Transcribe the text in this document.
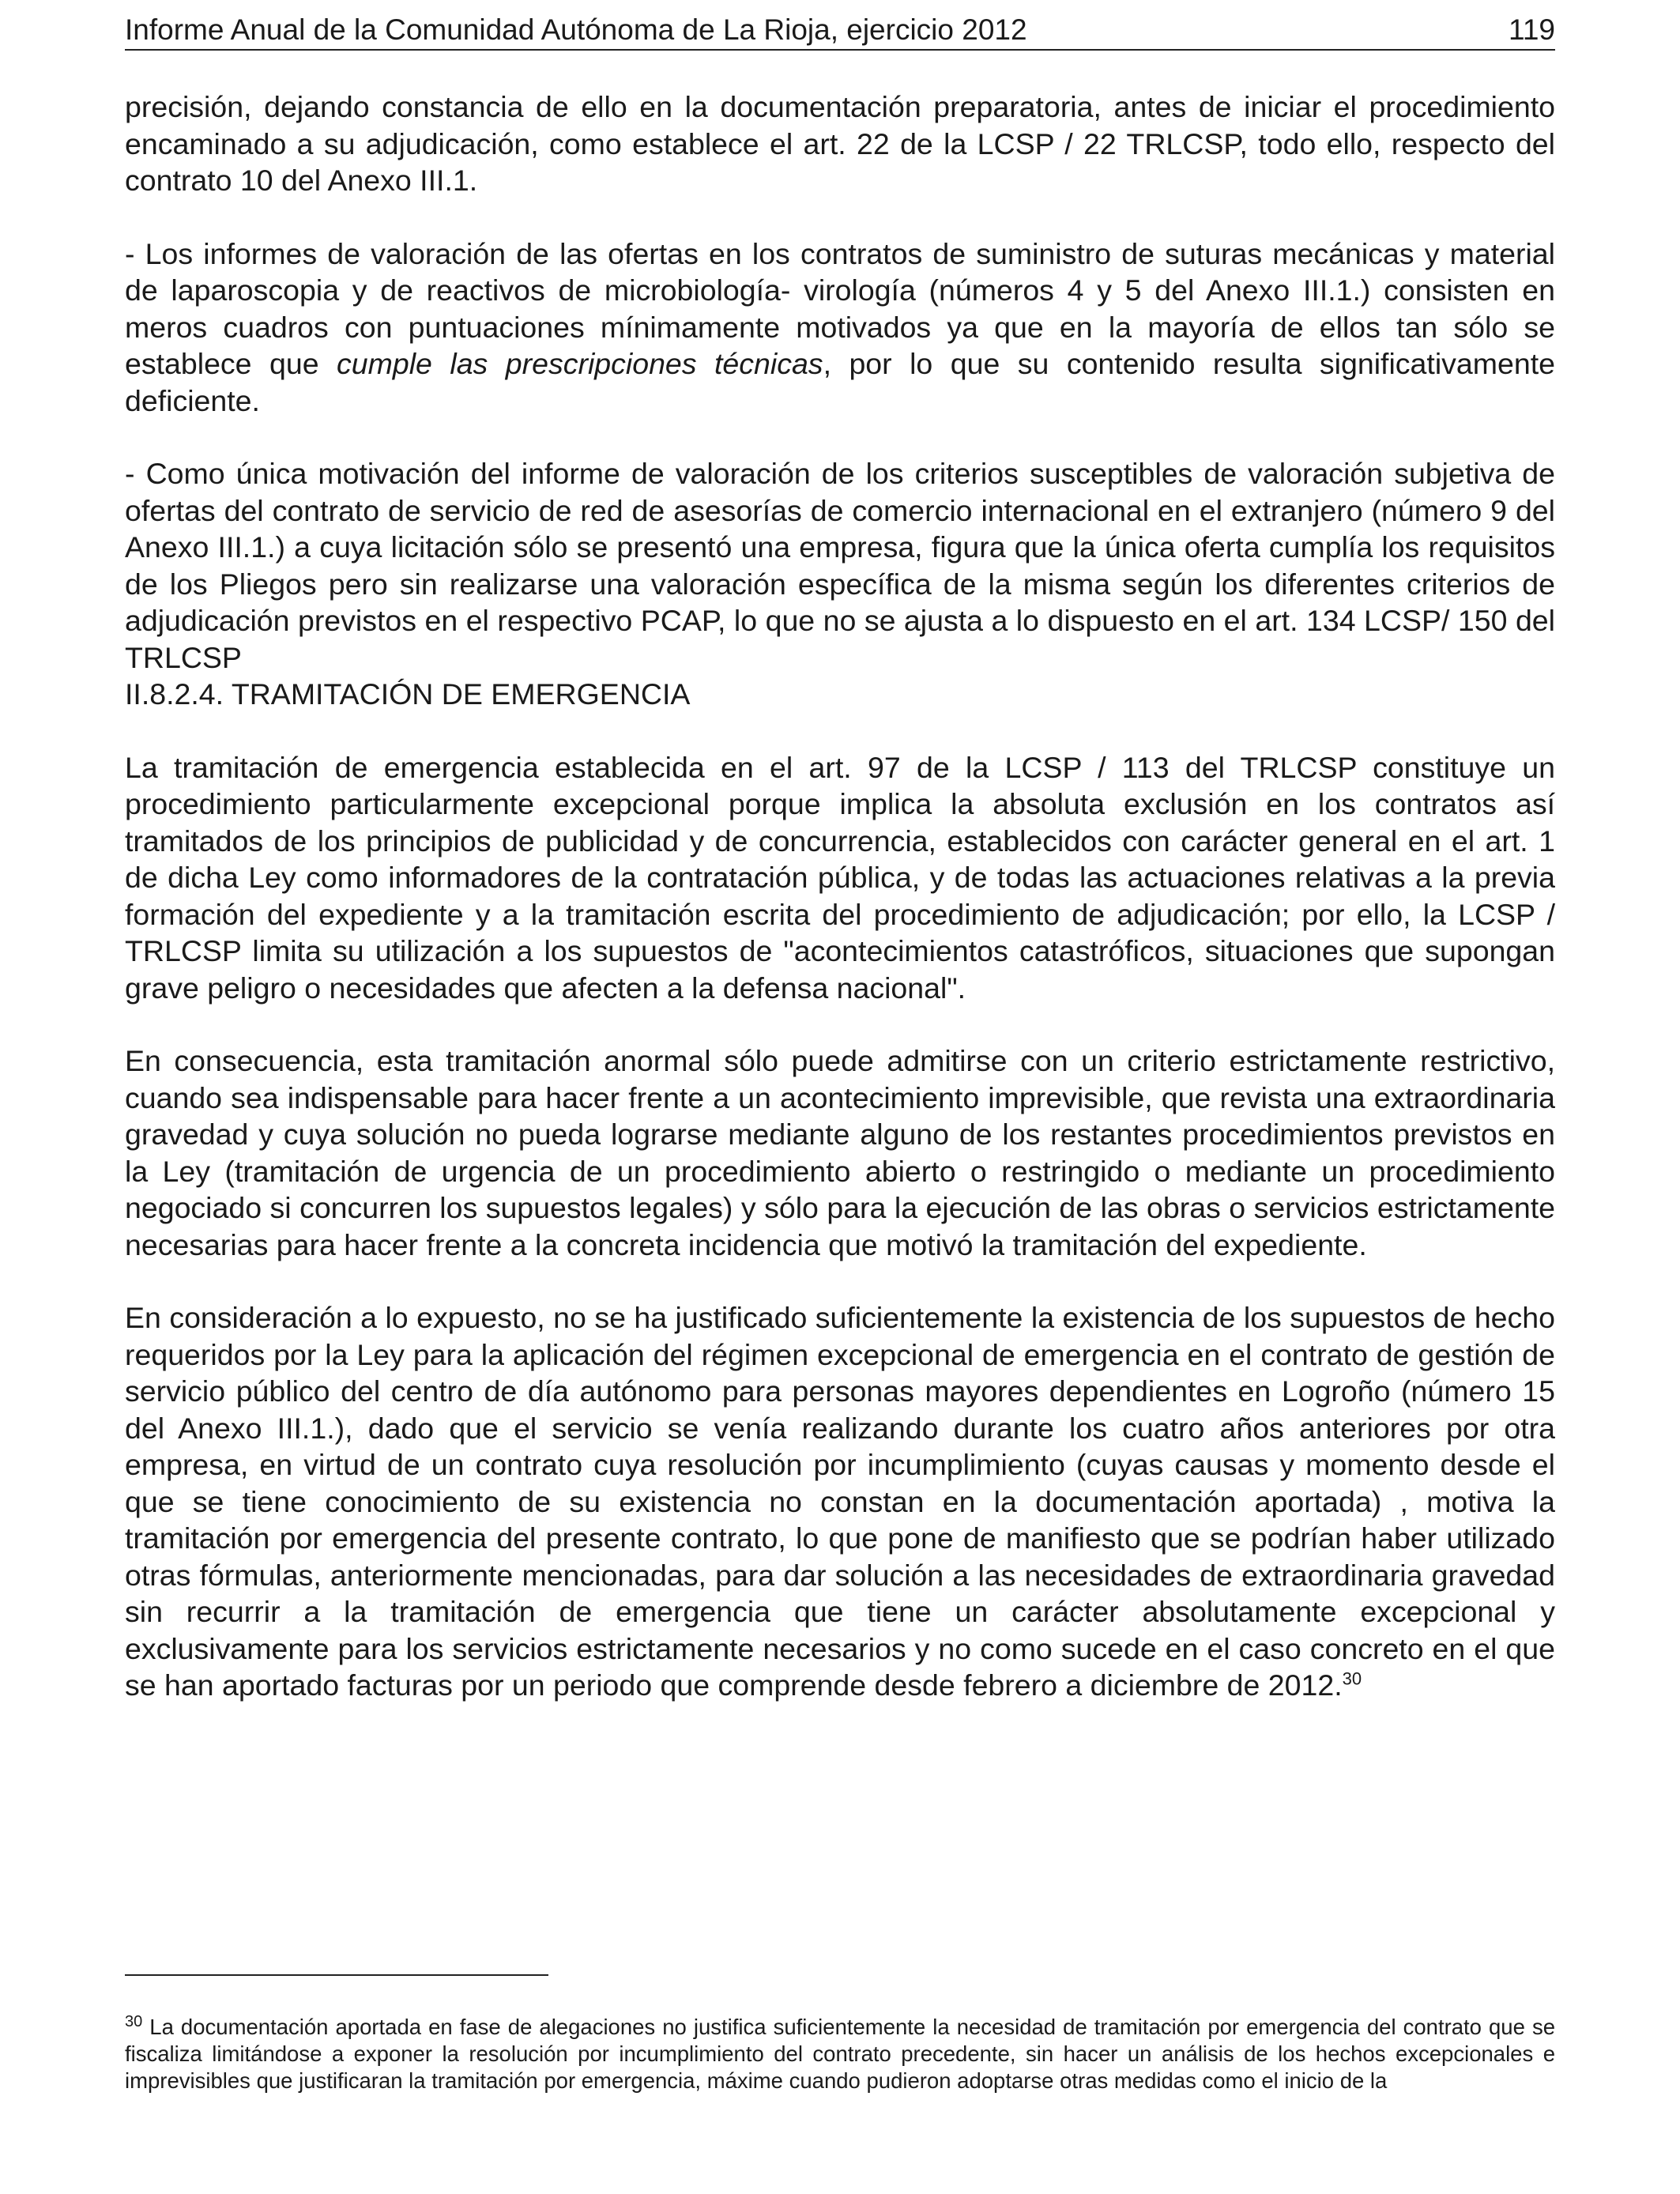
Informe Anual de la Comunidad Autónoma de La Rioja, ejercicio 2012	119

precisión, dejando constancia de ello en la documentación preparatoria, antes de iniciar el procedimiento encaminado a su adjudicación, como establece el art. 22 de la LCSP / 22 TRLCSP, todo ello, respecto del contrato 10 del Anexo III.1.

- Los informes de valoración de las ofertas en los contratos de suministro de suturas mecánicas y material de laparoscopia y de reactivos de microbiología- virología (números 4 y 5 del Anexo III.1.) consisten en meros cuadros con puntuaciones mínimamente motivados ya que en la mayoría de ellos tan sólo se establece que cumple las prescripciones técnicas, por lo que su contenido resulta significativamente deficiente.

- Como única motivación del informe de valoración de los criterios susceptibles de valoración subjetiva de ofertas del contrato de servicio de red de asesorías de comercio internacional en el extranjero (número 9 del Anexo III.1.) a cuya licitación sólo se presentó una empresa, figura que la única oferta cumplía los requisitos de los Pliegos pero sin realizarse una valoración específica de la misma según los diferentes criterios de adjudicación previstos en el respectivo PCAP, lo que no se ajusta a lo dispuesto en el art. 134 LCSP/ 150 del TRLCSP

II.8.2.4. TRAMITACIÓN DE EMERGENCIA

La tramitación de emergencia establecida en el art. 97 de la LCSP / 113 del TRLCSP constituye un procedimiento particularmente excepcional porque implica la absoluta exclusión en los contratos así tramitados de los principios de publicidad y de concurrencia, establecidos con carácter general en el art. 1 de dicha Ley como informadores de la contratación pública, y de todas las actuaciones relativas a la previa formación del expediente y a la tramitación escrita del procedimiento de adjudicación; por ello, la LCSP / TRLCSP limita su utilización a los supuestos de "acontecimientos catastróficos, situaciones que supongan grave peligro o necesidades que afecten a la defensa nacional".

En consecuencia, esta tramitación anormal sólo puede admitirse con un criterio estrictamente restrictivo, cuando sea indispensable para hacer frente a un acontecimiento imprevisible, que revista una extraordinaria gravedad y cuya solución no pueda lograrse mediante alguno de los restantes procedimientos previstos en la Ley (tramitación de urgencia de un procedimiento abierto o restringido o mediante un procedimiento negociado si concurren los supuestos legales) y sólo para la ejecución de las obras o servicios estrictamente necesarias para hacer frente a la concreta incidencia que motivó la tramitación del expediente.

En consideración a lo expuesto, no se ha justificado suficientemente la existencia de los supuestos de hecho requeridos por la Ley para la aplicación del régimen excepcional de emergencia en el contrato de gestión de servicio público del centro de día autónomo para personas mayores dependientes en Logroño (número 15 del Anexo III.1.), dado que el servicio se venía realizando durante los cuatro años anteriores por otra empresa, en virtud de un contrato cuya resolución por incumplimiento (cuyas causas y momento desde el que se tiene conocimiento de su existencia no constan en la documentación aportada) , motiva la tramitación por emergencia del presente contrato, lo que pone de manifiesto que se podrían haber utilizado otras fórmulas, anteriormente mencionadas, para dar solución a las necesidades de extraordinaria gravedad sin recurrir a la tramitación de emergencia que tiene un carácter absolutamente excepcional y exclusivamente para los servicios estrictamente necesarios y no como sucede en el caso concreto en el que se han aportado facturas por un periodo que comprende desde febrero a diciembre de 2012.30

$^{30}$ La documentación aportada en fase de alegaciones no justifica suficientemente la necesidad de tramitación por emergencia del contrato que se fiscaliza limitándose a exponer la resolución por incumplimiento del contrato precedente, sin hacer un análisis de los hechos excepcionales e imprevisibles que justificaran la tramitación por emergencia, máxime cuando pudieron adoptarse otras medidas como el inicio de la
